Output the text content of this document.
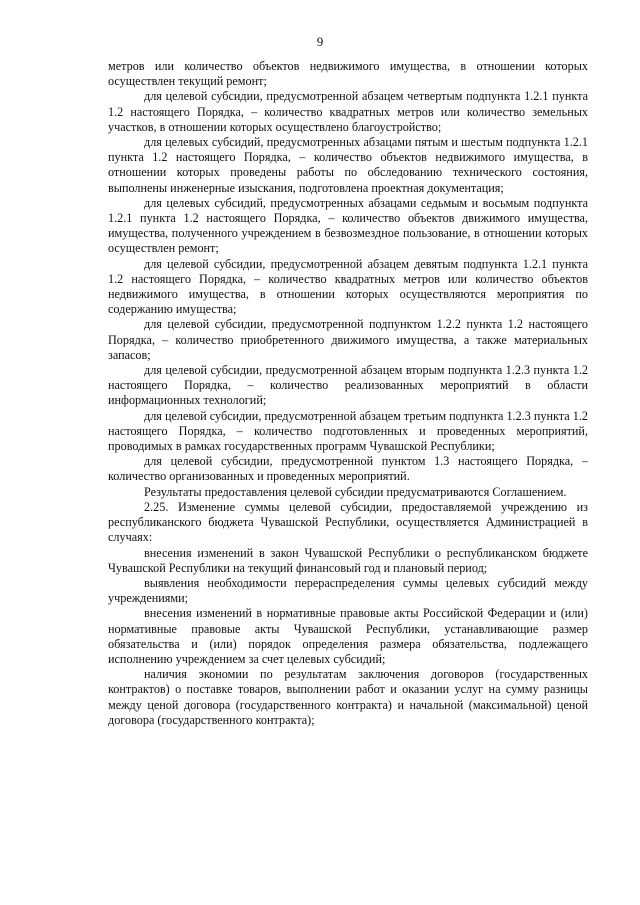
9

метров или количество объектов недвижимого имущества, в отношении которых осуществлен текущий ремонт;

для целевой субсидии, предусмотренной абзацем четвертым подпункта 1.2.1 пункта 1.2 настоящего Порядка, – количество квадратных метров или количество земельных участков, в отношении которых осуществлено благоустройство;

для целевых субсидий, предусмотренных абзацами пятым и шестым подпункта 1.2.1 пункта 1.2 настоящего Порядка, – количество объектов недвижимого имущества, в отношении которых проведены работы по обследованию технического состояния, выполнены инженерные изыскания, подготовлена проектная документация;

для целевых субсидий, предусмотренных абзацами седьмым и восьмым подпункта 1.2.1 пункта 1.2 настоящего Порядка, – количество объектов движимого имущества, имущества, полученного учреждением в безвозмездное пользование, в отношении которых осуществлен ремонт;

для целевой субсидии, предусмотренной абзацем девятым подпункта 1.2.1 пункта 1.2 настоящего Порядка, – количество квадратных метров или количество объектов недвижимого имущества, в отношении которых осуществляются мероприятия по содержанию имущества;

для целевой субсидии, предусмотренной подпунктом 1.2.2 пункта 1.2 настоящего Порядка, – количество приобретенного движимого имущества, а также материальных запасов;

для целевой субсидии, предусмотренной абзацем вторым подпункта 1.2.3 пункта 1.2 настоящего Порядка, – количество реализованных мероприятий в области информационных технологий;

для целевой субсидии, предусмотренной абзацем третьим подпункта 1.2.3 пункта 1.2 настоящего Порядка, – количество подготовленных и проведенных мероприятий, проводимых в рамках государственных программ Чувашской Республики;

для целевой субсидии, предусмотренной пунктом 1.3 настоящего Порядка, – количество организованных и проведенных мероприятий.

Результаты предоставления целевой субсидии предусматриваются Соглашением.

2.25. Изменение суммы целевой субсидии, предоставляемой учреждению из республиканского бюджета Чувашской Республики, осуществляется Администрацией в случаях:

внесения изменений в закон Чувашской Республики о республиканском бюджете Чувашской Республики на текущий финансовый год и плановый период;

выявления необходимости перераспределения суммы целевых субсидий между учреждениями;

внесения изменений в нормативные правовые акты Российской Федерации и (или) нормативные правовые акты Чувашской Республики, устанавливающие размер обязательства и (или) порядок определения размера обязательства, подлежащего исполнению учреждением за счет целевых субсидий;

наличия экономии по результатам заключения договоров (государственных контрактов) о поставке товаров, выполнении работ и оказании услуг на сумму разницы между ценой договора (государственного контракта) и начальной (максимальной) ценой договора (государственного контракта);
